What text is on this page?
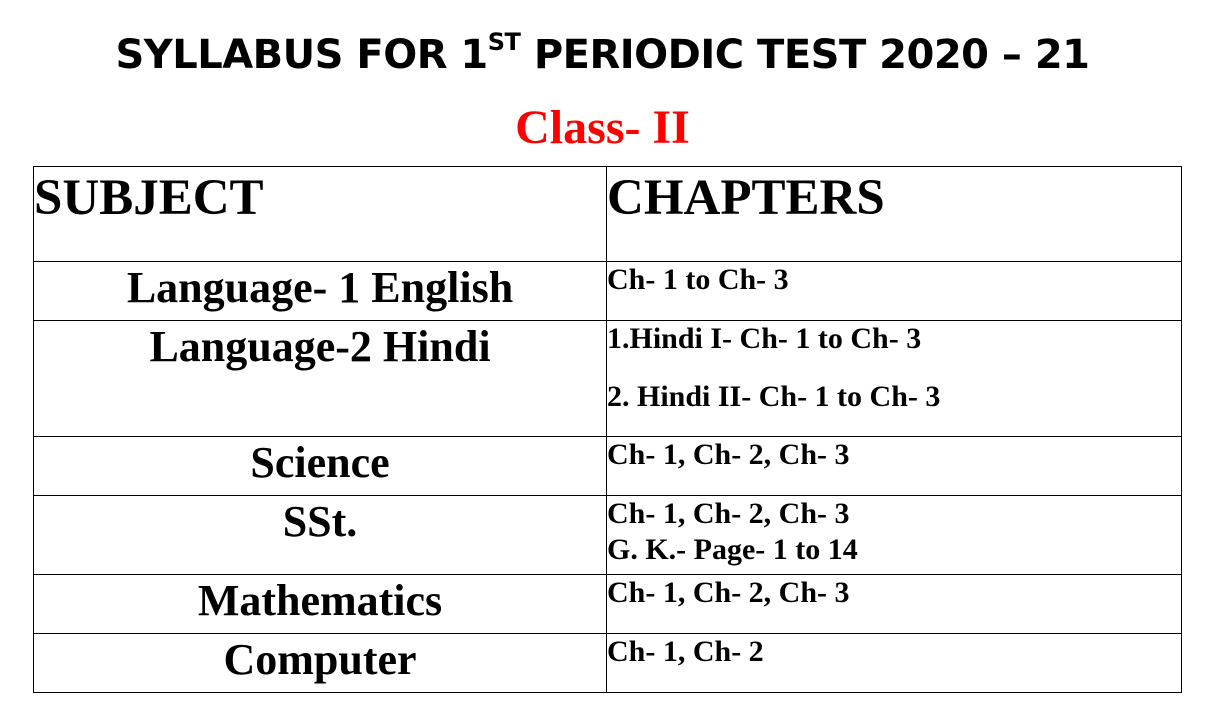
SYLLABUS FOR 1ST PERIODIC TEST 2020 – 21
Class- II
SUBJECT	CHAPTERS
Language- 1 English	Ch- 1 to Ch- 3

Language-2 Hindi	1.Hindi I- Ch- 1 to Ch- 3
2. Hindi II- Ch- 1 to Ch- 3

Science	Ch- 1, Ch- 2, Ch- 3

SSt.	Ch- 1, Ch- 2, Ch- 3
G. K.- Page- 1 to 14

Mathematics	Ch- 1, Ch- 2, Ch- 3

Computer	Ch- 1, Ch- 2
